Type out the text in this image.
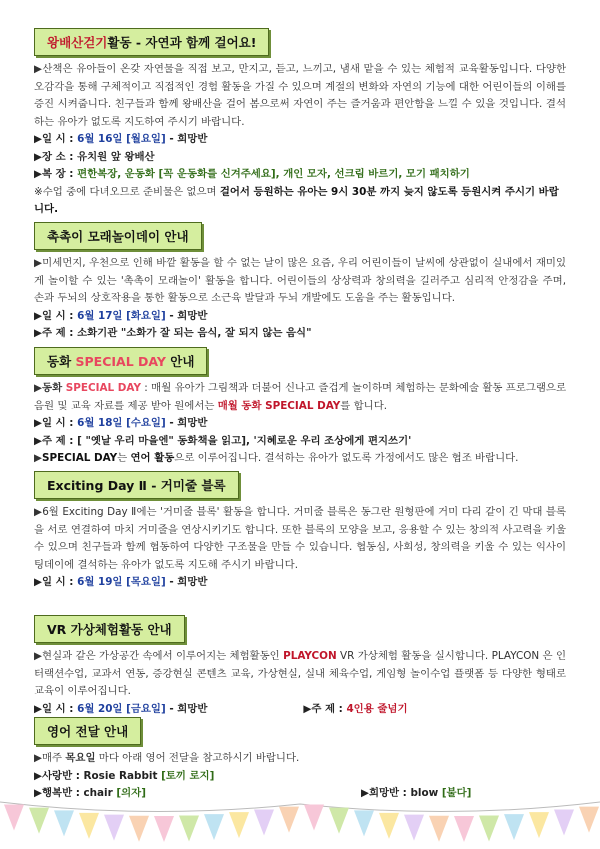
왕배산걷기활동 - 자연과 함께 걸어요!

▶산책은 유아들이 온갖 자연물을 직접 보고, 만지고, 듣고, 느끼고, 냄새 맡을 수 있는 체험적 교육활동입니다. 다양한 오감각을 통해 구체적이고 직접적인 경험 활동을 가질 수 있으며 계절의 변화와 자연의 기능에 대한 어린이들의 이해를 증진 시켜줍니다. 친구들과 함께 왕배산을 걸어 봄으로써 자연이 주는 즐거움과 편안함을 느낄 수 있을 것입니다. 결석하는 유아가 없도록 지도하여 주시기 바랍니다.

▶일 시 : 6월 16일 [월요일] - 희망반
▶장 소 : 유치원 앞 왕배산
▶복 장 : 편한복장, 운동화 [꼭 운동화를 신겨주세요], 개인 모자, 선크림 바르기, 모기 패치하기
※수업 중에 다녀오므로 준비물은 없으며 걸어서 등원하는 유아는 9시 30분 까지 늦지 않도록 등원시켜 주시기 바랍니다.
촉촉이 모래놀이데이 안내

▶미세먼지, 우천으로 인해 바깥 활동을 할 수 없는 날이 많은 요즘, 우리 어린이들이 날씨에 상관없이 실내에서 재미있게 놀이할 수 있는 '촉촉이 모래놀이' 활동을 합니다. 어린이들의 상상력과 창의력을 길러주고 심리적 안정감을 주며, 손과 두뇌의 상호작용을 통한 활동으로 소근육 발달과 두뇌 개발에도 도움을 주는 활동입니다.

▶일 시 : 6월 17일 [화요일] - 희망반
▶주 제 : 소화기관 "소화가 잘 되는 음식, 잘 되지 않는 음식"
동화 SPECIAL DAY 안내

▶동화 SPECIAL DAY : 매월 유아가 그림책과 더불어 신나고 즐겁게 놀이하며 체험하는 문화예술 활동 프로그램으로 음원 및 교육 자료를 제공 받아 원에서는 매월 동화 SPECIAL DAY를 합니다.

▶일 시 : 6월 18일 [수요일] - 희망반
▶주 제 : [ "옛날 우리 마을엔" 동화책을 읽고], '지혜로운 우리 조상에게 편지쓰기'
▶SPECIAL DAY는 연어 활동으로 이루어집니다. 결석하는 유아가 없도록 가정에서도 많은 협조 바랍니다.
Exciting Day Ⅱ - 거미줄 블록

▶6월 Exciting Day Ⅱ에는 '거미줄 블록' 활동을 합니다. 거미줄 블록은 동그란 원형판에 거미 다리 같이 긴 막대 블록을 서로 연결하여 마치 거미줄을 연상시키기도 합니다. 또한 블록의 모양을 보고, 응용할 수 있는 창의적 사고력을 키울 수 있으며 친구들과 함께 협동하여 다양한 구조물을 만들 수 있습니다. 협동심, 사회성, 창의력을 키울 수 있는 익사이팅데이에 결석하는 유아가 없도록 지도해 주시기 바랍니다.

▶일 시 : 6월 19일 [목요일] - 희망반
VR 가상체험활동 안내

▶현실과 같은 가상공간 속에서 이루어지는 체험활동인 PLAYCON VR 가상체험 활동을 실시합니다. PLAYCON 은 인터랙션수업, 교과서 연동, 증강현실 콘텐츠 교육, 가상현실, 실내 체육수업, 게임형 놀이수업 플랫폼 등 다양한 형태로 교육이 이루어집니다.

▶일 시 : 6월 20일 [금요일] - 희망반	▶주 제 : 4인용 줄넘기
영어 전달 안내

▶매주 목요일 마다 아래 영어 전달을 참고하시기 바랍니다.

▶사랑반 : Rosie Rabbit [토끼 로지]
▶행복반 : chair [의자]	▶희망반 : blow [불다]
